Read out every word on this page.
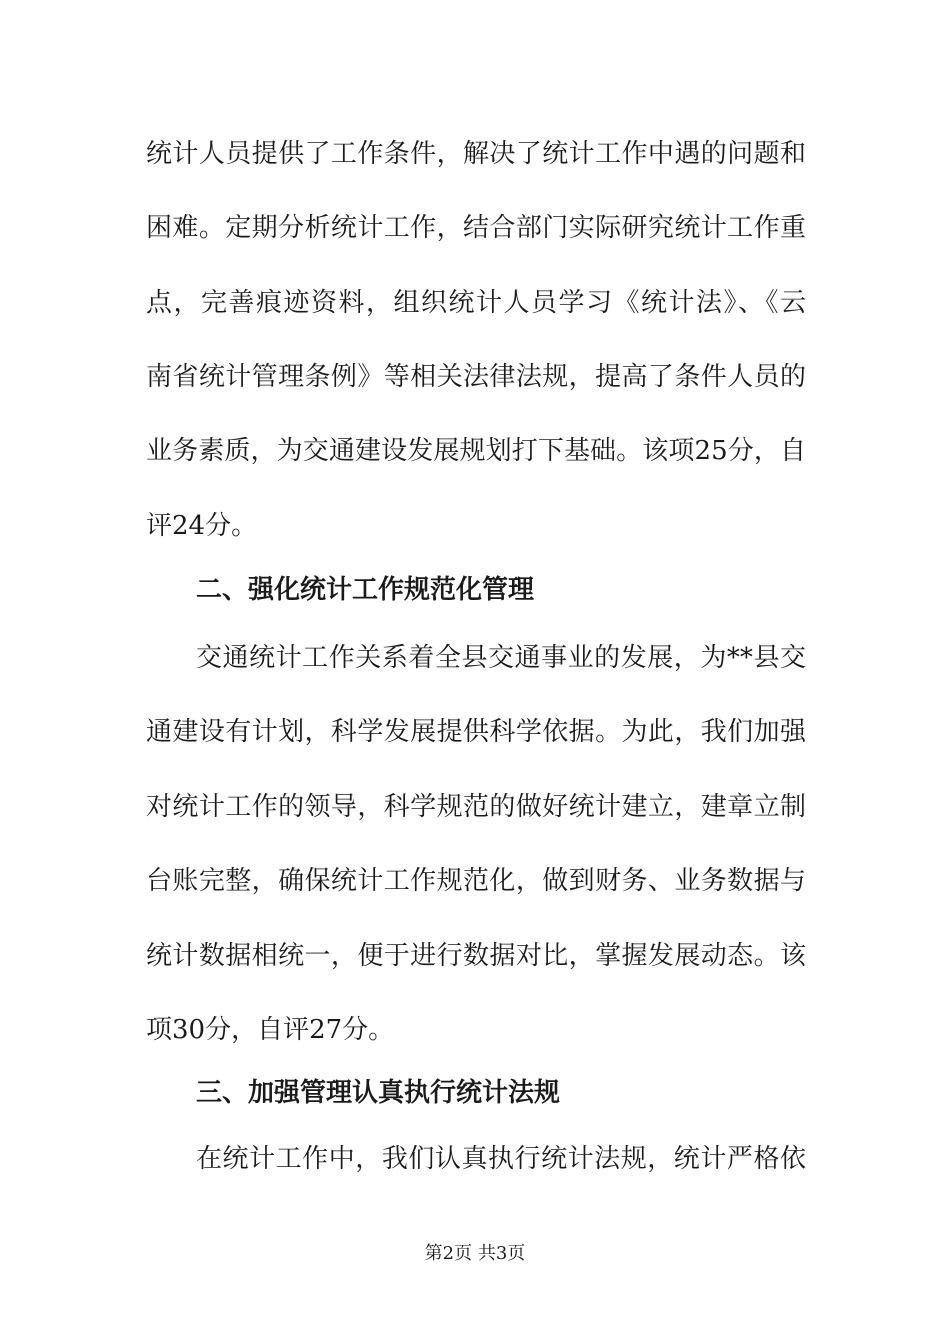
统计人员提供了工作条件，解决了统计工作中遇的问题和
困难。定期分析统计工作，结合部门实际研究统计工作重
点，完善痕迹资料，组织统计人员学习《统计法》、《云
南省统计管理条例》等相关法律法规，提高了条件人员的
业务素质，为交通建设发展规划打下基础。该项25分，自
评24分。
二、强化统计工作规范化管理
交通统计工作关系着全县交通事业的发展，为**县交
通建设有计划，科学发展提供科学依据。为此，我们加强
对统计工作的领导，科学规范的做好统计建立，建章立制
台账完整，确保统计工作规范化，做到财务、业务数据与
统计数据相统一，便于进行数据对比，掌握发展动态。该
项30分，自评27分。
三、加强管理认真执行统计法规
在统计工作中，我们认真执行统计法规，统计严格依
第2页 共3页
